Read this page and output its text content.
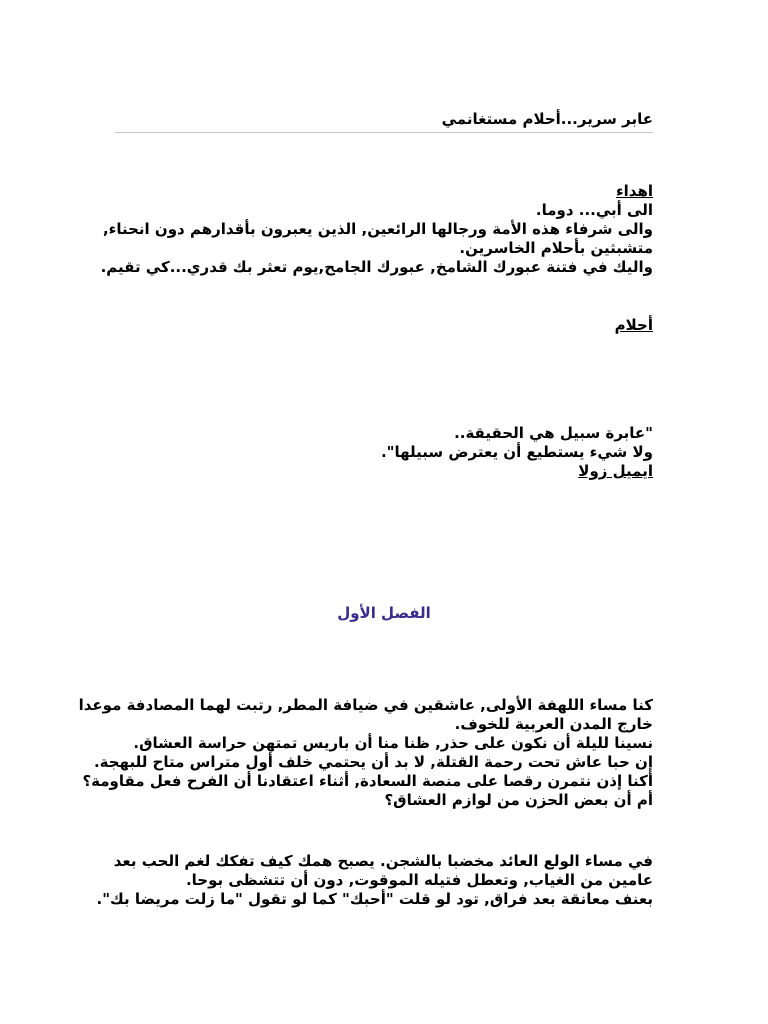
عابر سرير...أحلام مستغانمي
اهداء
الى أبي... دوما.
والى شرفاء هذه الأمة ورجالها الرائعين, الذين يعبرون بأقدارهم دون انحناء,
متشبثين بأحلام الخاسرين.
واليك في فتنة عبورك الشامخ, عبورك الجامح,يوم تعثر بك قدري...كي تقيم.
أحلام
"عابرة سبيل هي الحقيقة..
ولا شيء يستطيع أن يعترض سبيلها".
ايميل زولا
الفصل الأول
كنا مساء اللهفة الأولى, عاشقين في ضيافة المطر, رتبت لهما المصادفة موعدا
خارج المدن العربية للخوف.
نسينا لليلة أن نكون على حذر, ظنا منا أن باريس تمتهن حراسة العشاق.
إن حبا عاش تحت رحمة القتلة, لا بد أن يحتمي خلف أول متراس متاح للبهجة.
أكنا إذن نتمرن رقصا على منصة السعادة, أثناء اعتقادنا أن الفرح فعل مقاومة؟
أم أن بعض الحزن من لوازم العشاق؟
في مساء الولع العائد مخضبا بالشجن. يصبح همك كيف تفكك لغم الحب بعد
عامين من الغياب, وتعطل فتيله الموقوت, دون أن تتشظى بوحا.
بعنف معانقة بعد فراق, تود لو قلت "أحبك" كما لو تقول "ما زلت مريضا بك".
